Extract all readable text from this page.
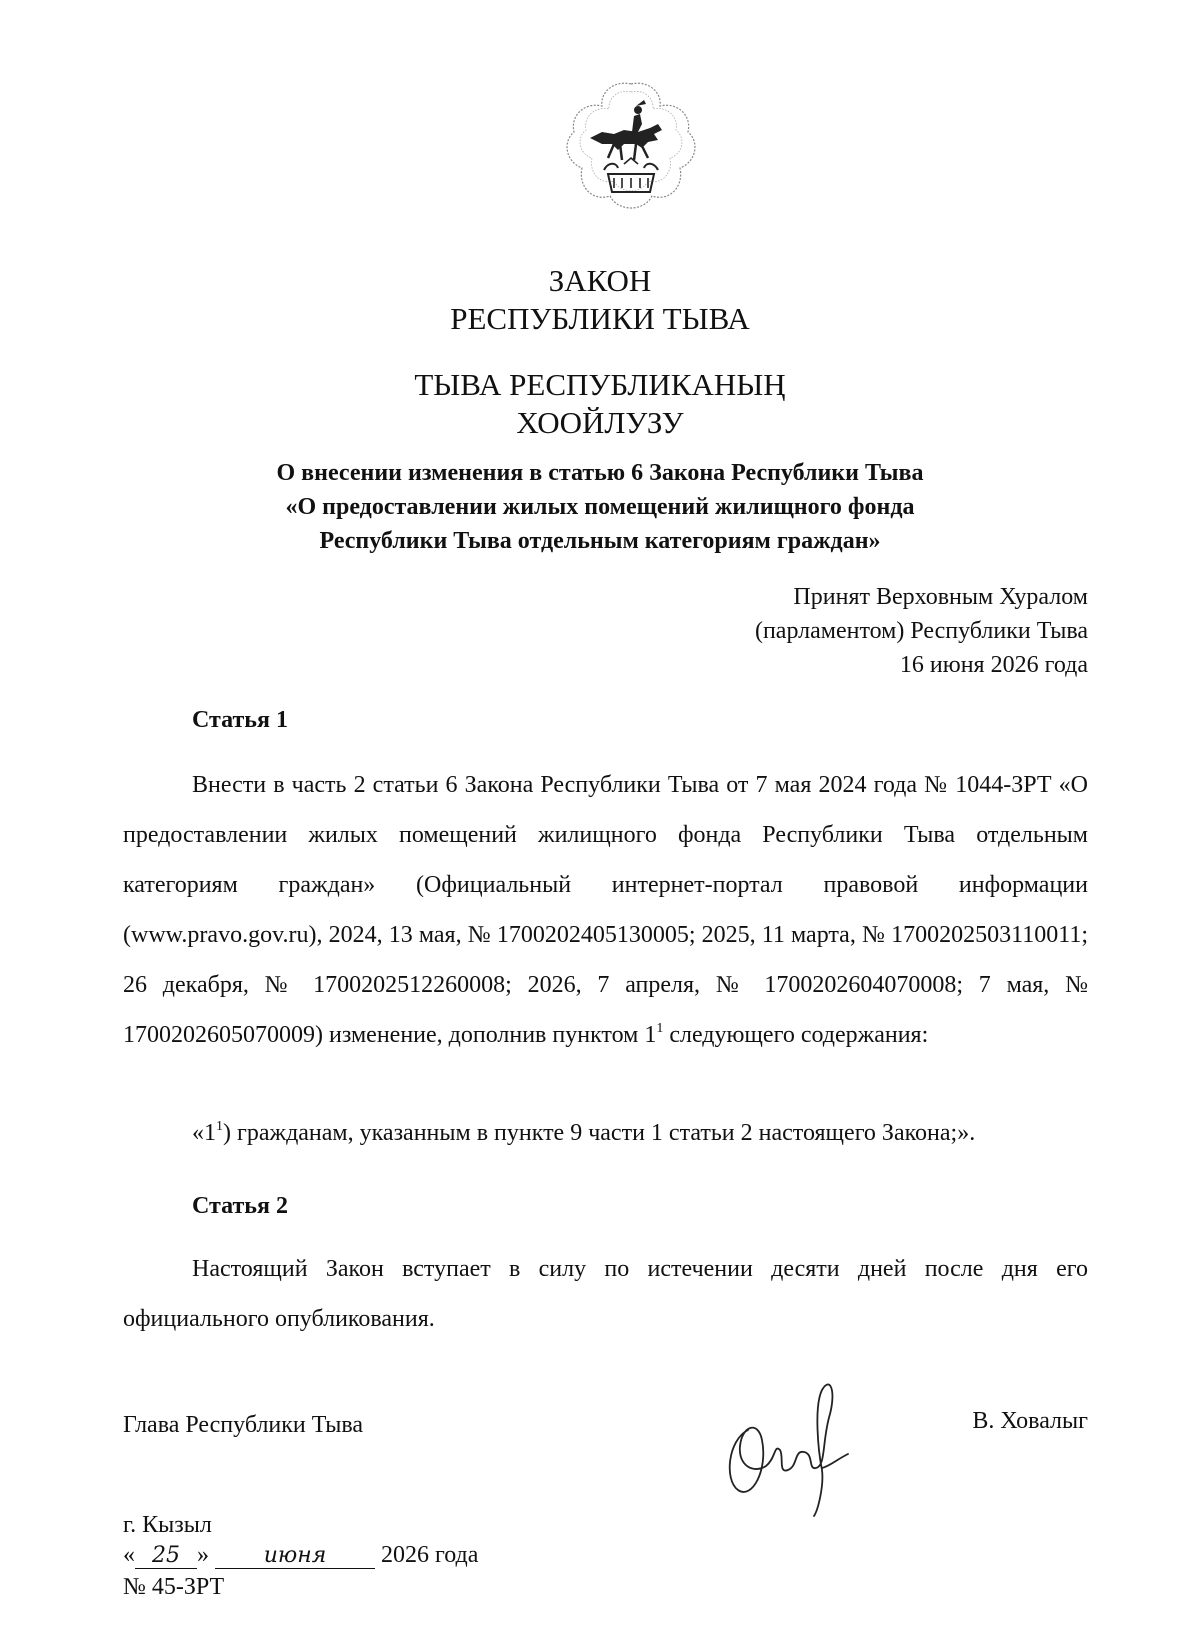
ЗАКОН
РЕСПУБЛИКИ ТЫВА
ТЫВА РЕСПУБЛИКАНЫҢ
ХООЙЛУЗУ
О внесении изменения в статью 6 Закона Республики Тыва
«О предоставлении жилых помещений жилищного фонда
Республики Тыва отдельным категориям граждан»
Принят Верховным Хуралом
(парламентом) Республики Тыва
16 июня 2026 года
Статья 1
Внести в часть 2 статьи 6 Закона Республики Тыва от 7 мая 2024 года № 1044-ЗРТ «О предоставлении жилых помещений жилищного фонда Республики Тыва отдельным категориям граждан» (Официальный интернет-портал правовой информации (www.pravo.gov.ru), 2024, 13 мая, № 1700202405130005; 2025, 11 марта, № 1700202503110011; 26 декабря, № 1700202512260008; 2026, 7 апреля, № 1700202604070008; 7 мая, № 1700202605070009) изменение, дополнив пунктом $1^1$ следующего содержания:
«$1^1$) гражданам, указанным в пункте 9 части 1 статьи 2 настоящего Закона;».
Статья 2
Настоящий Закон вступает в силу по истечении десяти дней после дня его официального опубликования.
Глава Республики Тыва	В. Ховалыг
г. Кызыл
« 25 » июня 2026 года
№ 45-ЗРТ
